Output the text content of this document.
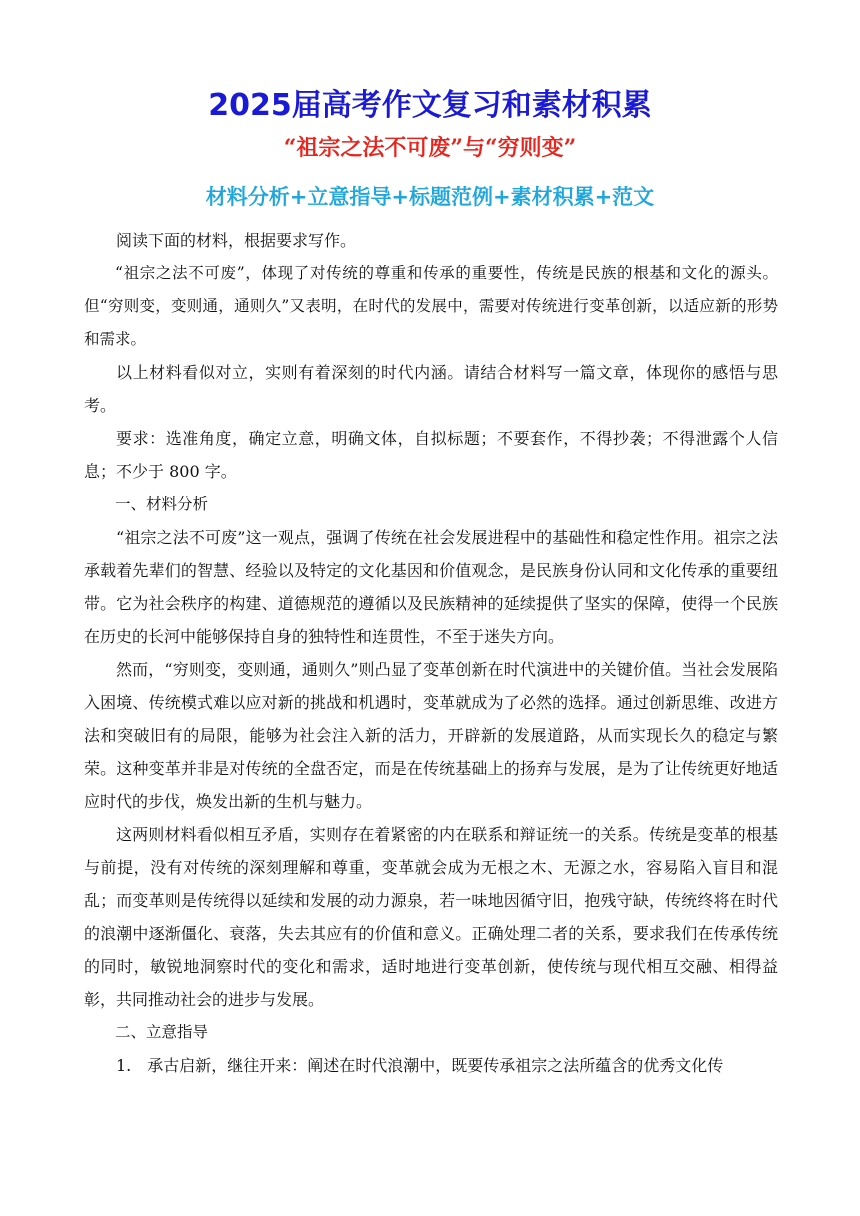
2025届高考作文复习和素材积累
“祖宗之法不可废”与“穷则变”
材料分析+立意指导+标题范例+素材积累+范文

阅读下面的材料，根据要求写作。

“祖宗之法不可废”，体现了对传统的尊重和传承的重要性，传统是民族的根基和文化的源头。但“穷则变，变则通，通则久”又表明，在时代的发展中，需要对传统进行变革创新，以适应新的形势和需求。

以上材料看似对立，实则有着深刻的时代内涵。请结合材料写一篇文章，体现你的感悟与思考。

要求：选准角度，确定立意，明确文体，自拟标题；不要套作，不得抄袭；不得泄露个人信息；不少于 800 字。

一、材料分析

“祖宗之法不可废”这一观点，强调了传统在社会发展进程中的基础性和稳定性作用。祖宗之法承载着先辈们的智慧、经验以及特定的文化基因和价值观念，是民族身份认同和文化传承的重要纽带。它为社会秩序的构建、道德规范的遵循以及民族精神的延续提供了坚实的保障，使得一个民族在历史的长河中能够保持自身的独特性和连贯性，不至于迷失方向。

然而，“穷则变，变则通，通则久”则凸显了变革创新在时代演进中的关键价值。当社会发展陷入困境、传统模式难以应对新的挑战和机遇时，变革就成为了必然的选择。通过创新思维、改进方法和突破旧有的局限，能够为社会注入新的活力，开辟新的发展道路，从而实现长久的稳定与繁荣。这种变革并非是对传统的全盘否定，而是在传统基础上的扬弃与发展，是为了让传统更好地适应时代的步伐，焕发出新的生机与魅力。

这两则材料看似相互矛盾，实则存在着紧密的内在联系和辩证统一的关系。传统是变革的根基与前提，没有对传统的深刻理解和尊重，变革就会成为无根之木、无源之水，容易陷入盲目和混乱；而变革则是传统得以延续和发展的动力源泉，若一味地因循守旧，抱残守缺，传统终将在时代的浪潮中逐渐僵化、衰落，失去其应有的价值和意义。正确处理二者的关系，要求我们在传承传统的同时，敏锐地洞察时代的变化和需求，适时地进行变革创新，使传统与现代相互交融、相得益彰，共同推动社会的进步与发展。

二、立意指导

1. 承古启新，继往开来：阐述在时代浪潮中，既要传承祖宗之法所蕴含的优秀文化传
